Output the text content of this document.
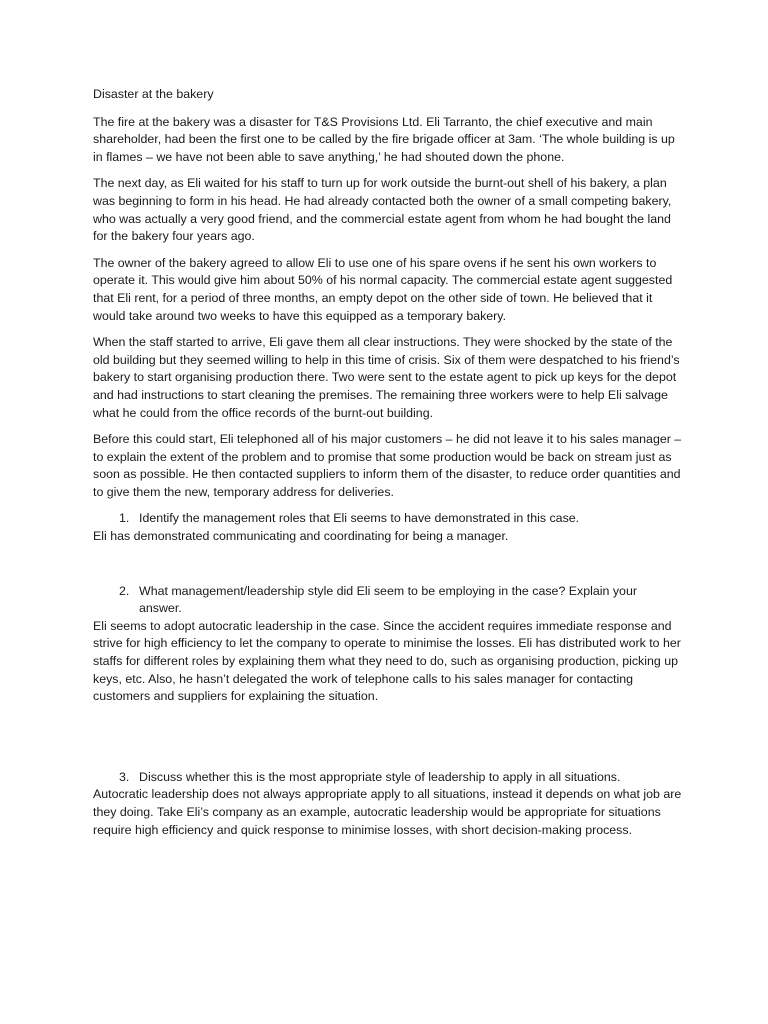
Disaster at the bakery

The fire at the bakery was a disaster for T&S Provisions Ltd. Eli Tarranto, the chief executive and main shareholder, had been the first one to be called by the fire brigade officer at 3am. ‘The whole building is up in flames – we have not been able to save anything,’ he had shouted down the phone.

The next day, as Eli waited for his staff to turn up for work outside the burnt-out shell of his bakery, a plan was beginning to form in his head. He had already contacted both the owner of a small competing bakery, who was actually a very good friend, and the commercial estate agent from whom he had bought the land for the bakery four years ago.

The owner of the bakery agreed to allow Eli to use one of his spare ovens if he sent his own workers to operate it. This would give him about 50% of his normal capacity. The commercial estate agent suggested that Eli rent, for a period of three months, an empty depot on the other side of town. He believed that it would take around two weeks to have this equipped as a temporary bakery.

When the staff started to arrive, Eli gave them all clear instructions. They were shocked by the state of the old building but they seemed willing to help in this time of crisis. Six of them were despatched to his friend’s bakery to start organising production there. Two were sent to the estate agent to pick up keys for the depot and had instructions to start cleaning the premises. The remaining three workers were to help Eli salvage what he could from the office records of the burnt-out building.

Before this could start, Eli telephoned all of his major customers – he did not leave it to his sales manager – to explain the extent of the problem and to promise that some production would be back on stream just as soon as possible. He then contacted suppliers to inform them of the disaster, to reduce order quantities and to give them the new, temporary address for deliveries.

1. Identify the management roles that Eli seems to have demonstrated in this case.

Eli has demonstrated communicating and coordinating for being a manager.

2. What management/leadership style did Eli seem to be employing in the case? Explain your answer.

Eli seems to adopt autocratic leadership in the case. Since the accident requires immediate response and strive for high efficiency to let the company to operate to minimise the losses. Eli has distributed work to her staffs for different roles by explaining them what they need to do, such as organising production, picking up keys, etc. Also, he hasn’t delegated the work of telephone calls to his sales manager for contacting customers and suppliers for explaining the situation.

3. Discuss whether this is the most appropriate style of leadership to apply in all situations.

Autocratic leadership does not always appropriate apply to all situations, instead it depends on what job are they doing. Take Eli’s company as an example, autocratic leadership would be appropriate for situations require high efficiency and quick response to minimise losses, with short decision-making process.
